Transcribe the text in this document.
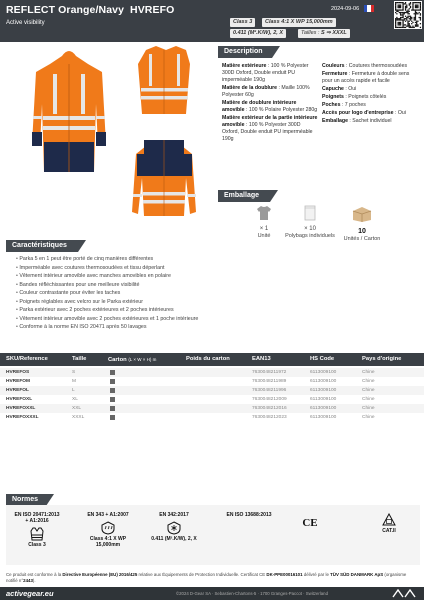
REFLECT Orange/Navy HVREFO
Active visibility
2024-09-06
Class 3	Class 4:1 X WP 15,000mm
0.411 (M².K/W), 2, X	Tailles : S ⇒ XXXL
Description

Matière extérieure : 100 % Polyester 300D Oxford, Double enduit PU imperméable 190g

Matière de la doublure : Maille 100% Polyester 60g

Matière de doublure intérieure amovible : 100 % Polaire Polyester 280g

Matière extérieur de la partie intérieure amovible : 100 % Polyester 300D Oxford, Double enduit PU imperméable 190g

Couleurs : Coutures thermosoudées

Fermeture : Fermeture à double sens pour un accès rapide et facile

Capuche : Oui

Poignets : Poignets côtelés

Poches : 7 poches

Accès pour logo d'entreprise : Oui

Emballage : Sachet individuel

Emballage
× 1
Unité
× 10
Polybags individuels
10
Unités / Carton
Caractéristiques
• Parka 5 en 1 peut être porté de cinq manières différentes
• Imperméable avec coutures thermosoudées et tissu déperlant
• Vêtement intérieur amovible avec manches amovibles en polaire
• Bandes réfléchissantes pour une meilleure visibilité
• Couleur contrastante pour éviter les taches
• Poignets réglables avec velcro sur le Parka extérieur
• Parka extérieur avec 2 poches extérieures et 2 poches intérieures
• Vêtement intérieur amovible avec 2 poches extérieures et 1 poche intérieure
• Conforme à la norme EN ISO 20471 après 50 lavages
SKU/Reference	Taille	Carton (L × W × H) m	Poids du carton	EAN13	HS Code	Pays d'origine
HVREFOS	S	7630048211972	6113009100	Chine
HVREFOM	M	7630048211989	6113009100	Chine
HVREFOL	L	7630048211996	6113009100	Chine
HVREFOXL	XL	7630048212009	6113009100	Chine
HVREFOXXL	XXL	7630048212016	6113009100	Chine
HVREFOXXXL	XXXL	7630048212023	6113009100	Chine
Normes
EN ISO 20471:2013 + A1:2016
Class 3
EN 343 + A1:2007
Class 4:1 X WP 15,000mm
EN 342:2017
0.411 (M².K/W), 2, X
EN ISO 13688:2013
CE
CAT.II
Ce produit est conforme à la Directive Européenne (EU) 2016/425 relative aux Équipements de Protection Individuelle. Certificat CE DK-PPE00016101 délivré par le TÜV SÜD DANMARK ApS (organisme notifié n°2443).
activegear.eu	©2024 D-Gear SA · Sebastien-Chartons-5 · 1700 Granges-Paccot · Switzerland
